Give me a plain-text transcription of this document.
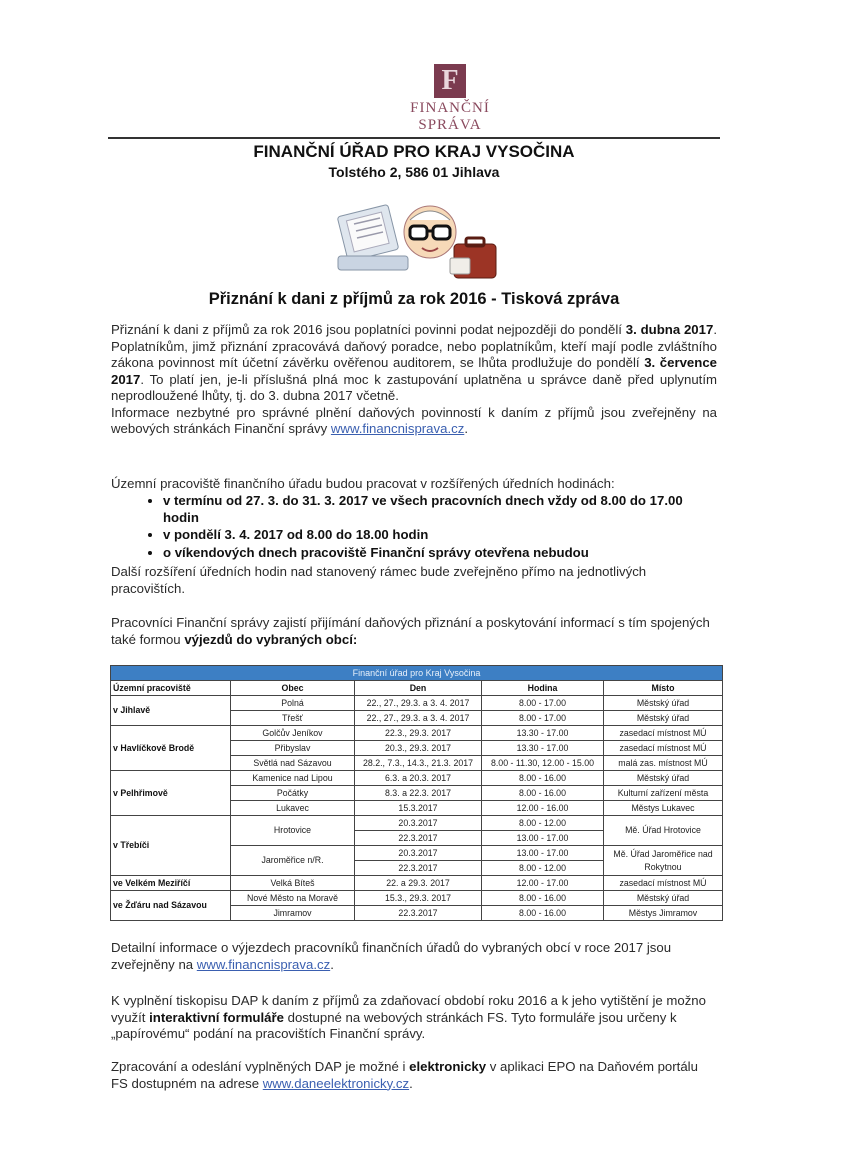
F
FINANČNÍ SPRÁVA
FINANČNÍ ÚŘAD PRO KRAJ VYSOČINA
Tolstého 2, 586 01 Jihlava
Přiznání k dani z příjmů za rok 2016 - Tisková zpráva
Přiznání k dani z příjmů za rok 2016 jsou poplatníci povinni podat nejpozději do pondělí 3. dubna 2017. Poplatníkům, jimž přiznání zpracovává daňový poradce, nebo poplatníkům, kteří mají podle zvláštního zákona povinnost mít účetní závěrku ověřenou auditorem, se lhůta prodlužuje do pondělí 3. července 2017. To platí jen, je-li příslušná plná moc k zastupování uplatněna u správce daně před uplynutím neprodloužené lhůty, tj. do 3. dubna 2017 včetně.
Informace nezbytné pro správné plnění daňových povinností k daním z příjmů jsou zveřejněny na webových stránkách Finanční správy www.financnisprava.cz.
Územní pracoviště finančního úřadu budou pracovat v rozšířených úředních hodinách:
• v termínu od 27. 3. do 31. 3. 2017 ve všech pracovních dnech vždy od 8.00 do 17.00 hodin
• v pondělí 3. 4. 2017 od 8.00 do 18.00 hodin
• o víkendových dnech pracoviště Finanční správy otevřena nebudou
Další rozšíření úředních hodin nad stanovený rámec bude zveřejněno přímo na jednotlivých pracovištích.
Pracovníci Finanční správy zajistí přijímání daňových přiznání a poskytování informací s tím spojených také formou výjezdů do vybraných obcí:
Finanční úřad pro Kraj Vysočina				
Územní pracoviště	Obec	Den	Hodina	Místo
v Jihlavě	Polná	22., 27., 29.3. a 3. 4. 2017	8.00 - 17.00	Městský úřad
	Třešť	22., 27., 29.3. a 3. 4. 2017	8.00 - 17.00	Městský úřad
v Havlíčkově Brodě	Golčův Jeníkov	22.3., 29.3. 2017	13.30 - 17.00	zasedací místnost MÚ
	Přibyslav	20.3., 29.3. 2017	13.30 - 17.00	zasedací místnost MÚ
	Světlá nad Sázavou	28.2., 7.3., 14.3., 21.3. 2017	8.00 - 11.30, 12.00 - 15.00	malá zas. místnost MÚ
v Pelhřimově	Kamenice nad Lipou	6.3. a 20.3. 2017	8.00 - 16.00	Městský úřad
	Počátky	8.3. a 22.3. 2017	8.00 - 16.00	Kulturní zařízení města
	Lukavec	15.3.2017	12.00 - 16.00	Městys Lukavec
v Třebíči	Hrotovice	20.3.2017	8.00 - 12.00	Mě. Úřad Hrotovice
		22.3.2017	13.00 - 17.00	
	Jaroměřice n/R.	20.3.2017	13.00 - 17.00	Mě. Úřad Jaroměřice nad Rokytnou
		22.3.2017	8.00 - 12.00	
ve Velkém Meziříčí	Velká Bíteš	22. a 29.3. 2017	12.00 - 17.00	zasedací místnost MÚ
ve Žďáru nad Sázavou	Nové Město na Moravě	15.3., 29.3. 2017	8.00 - 16.00	Městský úřad
	Jimramov	22.3.2017	8.00 - 16.00	Městys Jimramov
Detailní informace o výjezdech pracovníků finančních úřadů do vybraných obcí v roce 2017 jsou zveřejněny na www.financnisprava.cz.
K vyplnění tiskopisu DAP k daním z příjmů za zdaňovací období roku 2016 a k jeho vytištění je možno využít interaktivní formuláře dostupné na webových stránkách FS. Tyto formuláře jsou určeny k „papírovému“ podání na pracovištích Finanční správy.
Zpracování a odeslání vyplněných DAP je možné i elektronicky v aplikaci EPO na Daňovém portálu FS dostupném na adrese www.daneelektronicky.cz.
